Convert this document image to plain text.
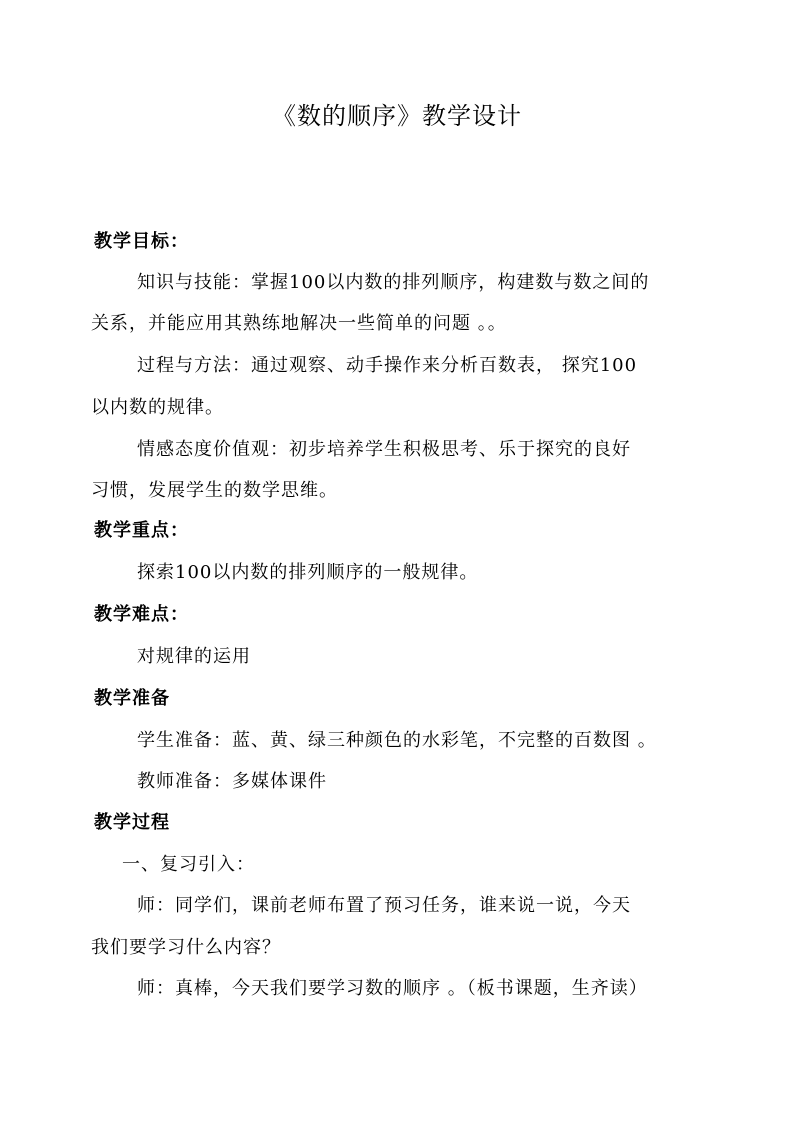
《数的顺序》教学设计
教学目标：
知识与技能：掌握100以内数的排列顺序，构建数与数之间的
关系，并能应用其熟练地解决一些简单的问题 。。
过程与方法：通过观察、动手操作来分析百数表， 探究100
以内数的规律。
情感态度价值观：初步培养学生积极思考、乐于探究的良好
习惯，发展学生的数学思维。
教学重点：
探索100以内数的排列顺序的一般规律。
教学难点：
对规律的运用
教学准备
学生准备：蓝、黄、绿三种颜色的水彩笔，不完整的百数图 。
教师准备：多媒体课件
教学过程
一、复习引入：
师：同学们，课前老师布置了预习任务，谁来说一说，今天
我们要学习什么内容？
师：真棒，今天我们要学习数的顺序 。（板书课题，生齐读）
